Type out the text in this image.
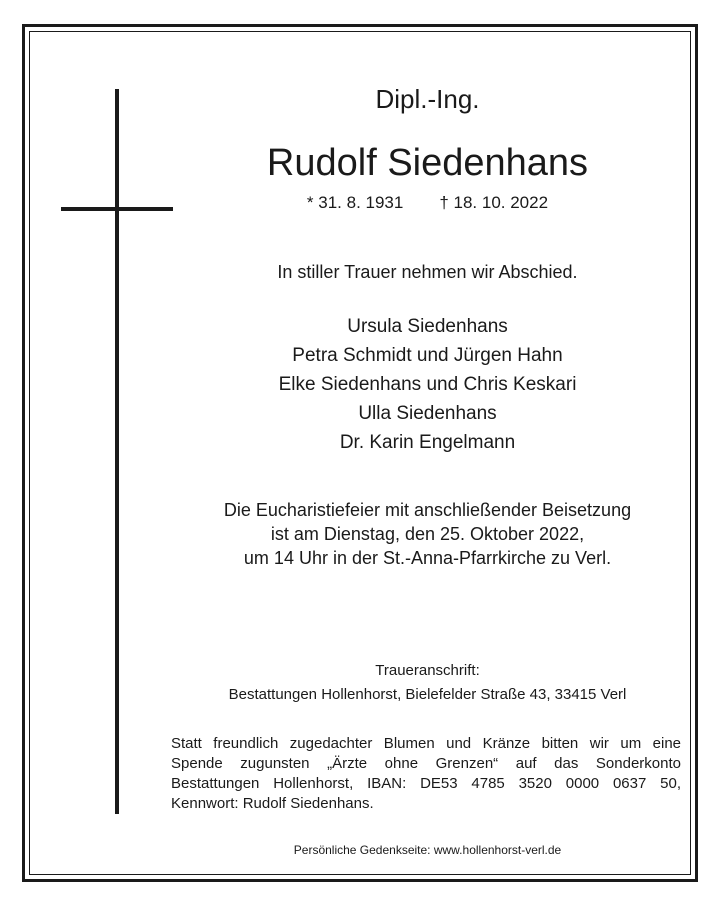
Dipl.-Ing.
Rudolf Siedenhans
* 31. 8. 1931 † 18. 10. 2022
In stiller Trauer nehmen wir Abschied.
Ursula Siedenhans
Petra Schmidt und Jürgen Hahn
Elke Siedenhans und Chris Keskari
Ulla Siedenhans
Dr. Karin Engelmann
Die Eucharistiefeier mit anschließender Beisetzung
ist am Dienstag, den 25. Oktober 2022,
um 14 Uhr in der St.-Anna-Pfarrkirche zu Verl.
Traueranschrift:
Bestattungen Hollenhorst, Bielefelder Straße 43, 33415 Verl
Statt freundlich zugedachter Blumen und Kränze bitten wir um eine
Spende zugunsten „Ärzte ohne Grenzen“ auf das Sonderkonto
Bestattungen Hollenhorst, IBAN: DE53 4785 3520 0000 0637 50,
Kennwort: Rudolf Siedenhans.
Persönliche Gedenkseite: www.hollenhorst-verl.de
